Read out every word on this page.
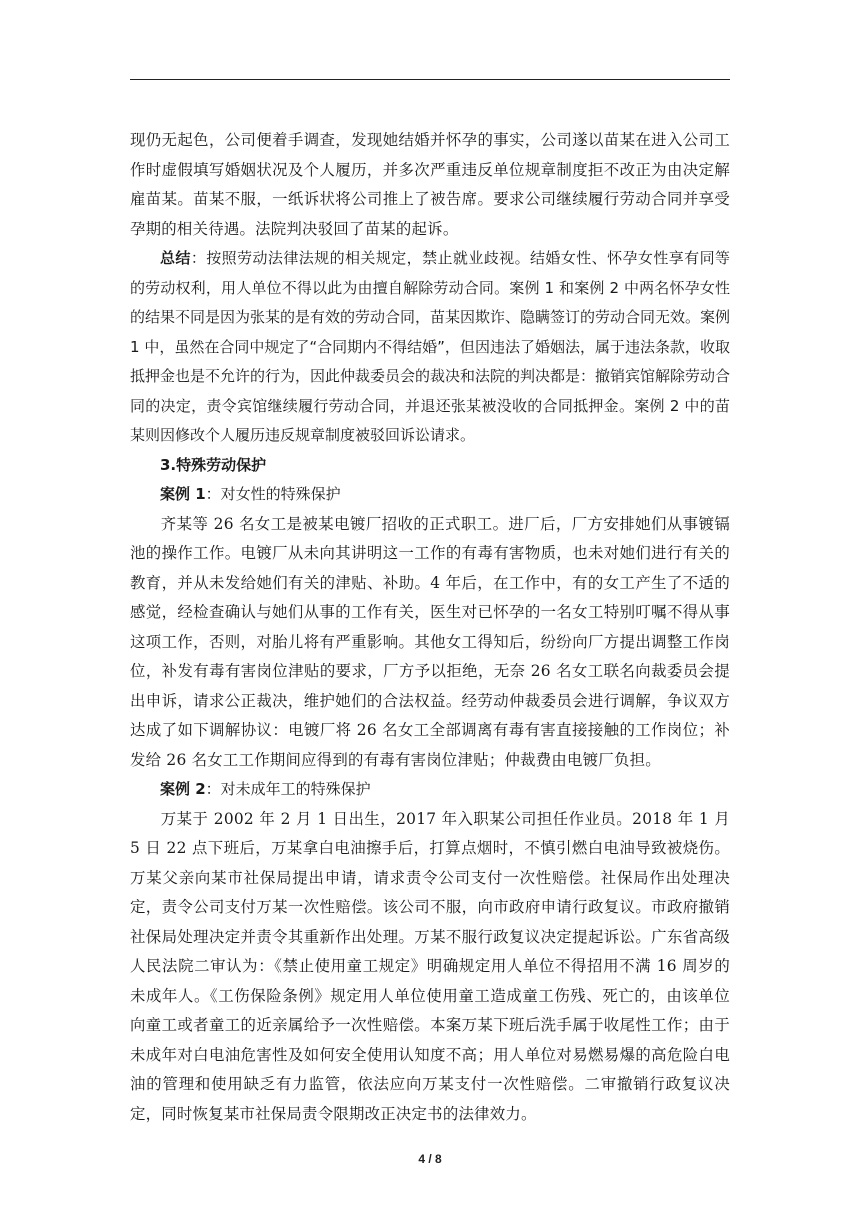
现仍无起色，公司便着手调查，发现她结婚并怀孕的事实，公司遂以苗某在进入公司工作时虚假填写婚姻状况及个人履历，并多次严重违反单位规章制度拒不改正为由决定解雇苗某。苗某不服，一纸诉状将公司推上了被告席。要求公司继续履行劳动合同并享受孕期的相关待遇。法院判决驳回了苗某的起诉。

总结：按照劳动法律法规的相关规定，禁止就业歧视。结婚女性、怀孕女性享有同等的劳动权利，用人单位不得以此为由擅自解除劳动合同。案例 1 和案例 2 中两名怀孕女性的结果不同是因为张某的是有效的劳动合同，苗某因欺诈、隐瞒签订的劳动合同无效。案例 1 中，虽然在合同中规定了“合同期内不得结婚”，但因违法了婚姻法，属于违法条款，收取抵押金也是不允许的行为，因此仲裁委员会的裁决和法院的判决都是：撤销宾馆解除劳动合同的决定，责令宾馆继续履行劳动合同，并退还张某被没收的合同抵押金。案例 2 中的苗某则因修改个人履历违反规章制度被驳回诉讼请求。

3.特殊劳动保护

案例 1：对女性的特殊保护

齐某等 26 名女工是被某电镀厂招收的正式职工。进厂后，厂方安排她们从事镀镉池的操作工作。电镀厂从未向其讲明这一工作的有毒有害物质，也未对她们进行有关的教育，并从未发给她们有关的津贴、补助。4 年后，在工作中，有的女工产生了不适的感觉，经检查确认与她们从事的工作有关，医生对已怀孕的一名女工特别叮嘱不得从事这项工作，否则，对胎儿将有严重影响。其他女工得知后，纷纷向厂方提出调整工作岗位，补发有毒有害岗位津贴的要求，厂方予以拒绝，无奈 26 名女工联名向裁委员会提出申诉，请求公正裁决，维护她们的合法权益。经劳动仲裁委员会进行调解，争议双方达成了如下调解协议：电镀厂将 26 名女工全部调离有毒有害直接接触的工作岗位；补发给 26 名女工工作期间应得到的有毒有害岗位津贴；仲裁费由电镀厂负担。

案例 2：对未成年工的特殊保护

万某于 2002 年 2 月 1 日出生，2017 年入职某公司担任作业员。2018 年 1 月 5 日 22 点下班后，万某拿白电油擦手后，打算点烟时，不慎引燃白电油导致被烧伤。万某父亲向某市社保局提出申请，请求责令公司支付一次性赔偿。社保局作出处理决定，责令公司支付万某一次性赔偿。该公司不服，向市政府申请行政复议。市政府撤销社保局处理决定并责令其重新作出处理。万某不服行政复议决定提起诉讼。广东省高级人民法院二审认为：《禁止使用童工规定》明确规定用人单位不得招用不满 16 周岁的未成年人。《工伤保险条例》规定用人单位使用童工造成童工伤残、死亡的，由该单位向童工或者童工的近亲属给予一次性赔偿。本案万某下班后洗手属于收尾性工作；由于未成年对白电油危害性及如何安全使用认知度不高；用人单位对易燃易爆的高危险白电油的管理和使用缺乏有力监管，依法应向万某支付一次性赔偿。二审撤销行政复议决定，同时恢复某市社保局责令限期改正决定书的法律效力。

4 / 8
